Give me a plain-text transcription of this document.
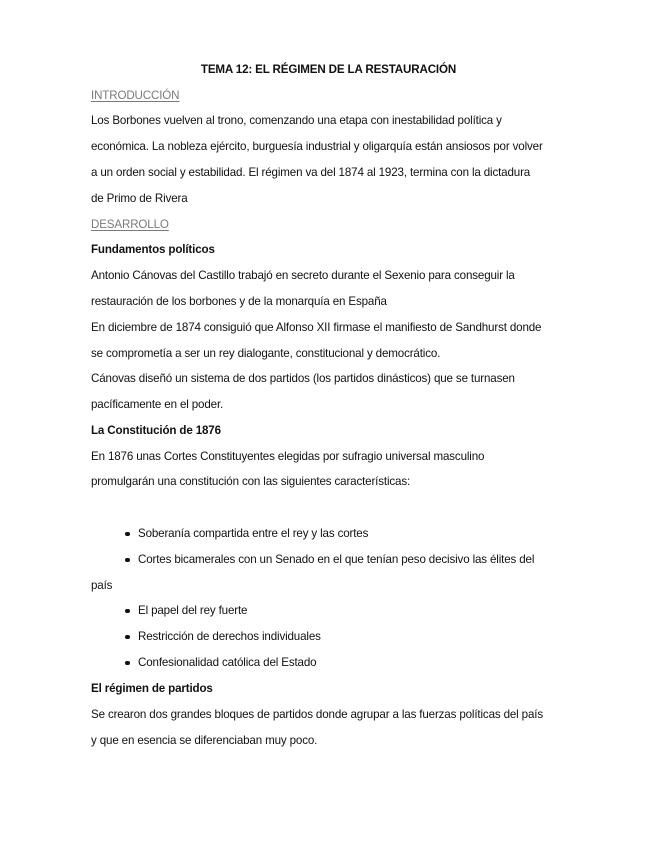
TEMA 12: EL RÉGIMEN DE LA RESTAURACIÓN
INTRODUCCIÓN
Los Borbones vuelven al trono, comenzando una etapa con inestabilidad política y
económica. La nobleza ejército, burguesía industrial y oligarquía están ansiosos por volver
a un orden social y estabilidad. El régimen va del 1874 al 1923, termina con la dictadura
de Primo de Rivera
DESARROLLO
Fundamentos políticos
Antonio Cánovas del Castillo trabajó en secreto durante el Sexenio para conseguir la
restauración de los borbones y de la monarquía en España
En diciembre de 1874 consiguió que Alfonso XII firmase el manifiesto de Sandhurst donde
se comprometía a ser un rey dialogante, constitucional y democrático.
Cánovas diseñó un sistema de dos partidos (los partidos dinásticos) que se turnasen
pacíficamente en el poder.
La Constitución de 1876
En 1876 unas Cortes Constituyentes elegidas por sufragio universal masculino
promulgarán una constitución con las siguientes características:
Soberanía compartida entre el rey y las cortes
Cortes bicamerales con un Senado en el que tenían peso decisivo las élites del
país
El papel del rey fuerte
Restricción de derechos individuales
Confesionalidad católica del Estado
El régimen de partidos
Se crearon dos grandes bloques de partidos donde agrupar a las fuerzas políticas del país
y que en esencia se diferenciaban muy poco.
